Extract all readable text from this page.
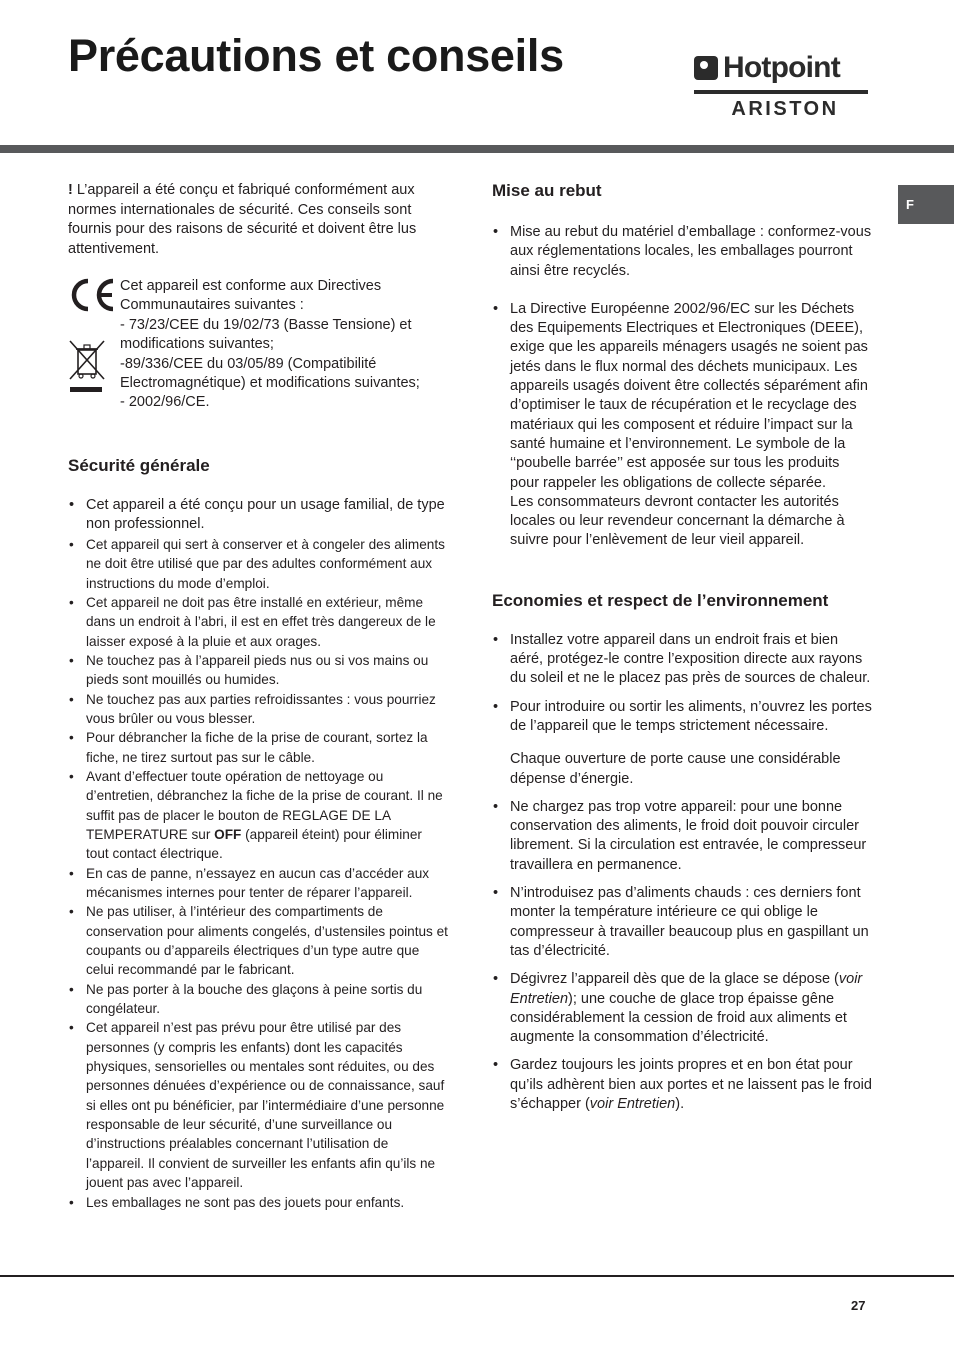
Précautions et conseils	Hotpoint
ARISTON
F

! L’appareil a été conçu et fabriqué conformément aux normes internationales de sécurité. Ces conseils sont fournis pour des raisons de sécurité et doivent être lus attentivement.

Cet appareil est conforme aux Directives
Communautaires suivantes :
- 73/23/CEE du 19/02/73 (Basse Tensione) et
modifications suivantes;
-89/336/CEE du 03/05/89 (Compatibilité
Electromagnétique) et modifications suivantes;
- 2002/96/CE.
Sécurité générale
• Cet appareil a été conçu pour un usage familial, de type non professionnel.
• Cet appareil qui sert à conserver et à congeler des aliments ne doit être utilisé que par des adultes conformément aux instructions du mode d’emploi.
• Cet appareil ne doit pas être installé en extérieur, même dans un endroit à l’abri, il est en effet très dangereux de le laisser exposé à la pluie et aux orages.
• Ne touchez pas à l’appareil pieds nus ou si vos mains ou pieds sont mouillés ou humides.
• Ne touchez pas aux parties refroidissantes : vous pourriez vous brûler ou vous blesser.
• Pour débrancher la fiche de la prise de courant, sortez la fiche, ne tirez surtout pas sur le câble.
• Avant d’effectuer toute opération de nettoyage ou d’entretien, débranchez la fiche de la prise de courant. Il ne suffit pas de placer le bouton de REGLAGE DE LA TEMPERATURE sur OFF (appareil éteint) pour éliminer tout contact électrique.
• En cas de panne, n’essayez en aucun cas d’accéder aux mécanismes internes pour tenter de réparer l’appareil.
• Ne pas utiliser, à l’intérieur des compartiments de conservation pour aliments congelés, d’ustensiles pointus et coupants ou d’appareils électriques d’un type autre que celui recommandé par le fabricant.
• Ne pas porter à la bouche des glaçons à peine sortis du congélateur.
• Cet appareil n’est pas prévu pour être utilisé par des personnes (y compris les enfants) dont les capacités physiques, sensorielles ou mentales sont réduites, ou des personnes dénuées d’expérience ou de connaissance, sauf si elles ont pu bénéficier, par l’intermédiaire d’une personne responsable de leur sécurité, d’une surveillance ou d’instructions préalables concernant l’utilisation de l’appareil. Il convient de surveiller les enfants afin qu’ils ne jouent pas avec l’appareil.
• Les emballages ne sont pas des jouets pour enfants.
Mise au rebut
• Mise au rebut du matériel d’emballage : conformez-vous aux réglementations locales, les emballages pourront ainsi être recyclés.
• La Directive Européenne 2002/96/EC sur les Déchets des Equipements Electriques et Electroniques (DEEE), exige que les appareils ménagers usagés ne soient pas jetés dans le flux normal des déchets municipaux. Les appareils usagés doivent être collectés séparément afin d’optimiser le taux de récupération et le recyclage des matériaux qui les composent et réduire l’impact sur la santé humaine et l’environnement. Le symbole de la ‘‘poubelle barrée’’ est apposée sur tous les produits pour rappeler les obligations de collecte séparée.

Les consommateurs devront contacter les autorités locales ou leur revendeur concernant la démarche à suivre pour l’enlèvement de leur vieil appareil.

Economies et respect de l’environnement
• Installez votre appareil dans un endroit frais et bien aéré, protégez-le contre l’exposition directe aux rayons du soleil et ne le placez pas près de sources de chaleur.
• Pour introduire ou sortir les aliments, n’ouvrez les portes de l’appareil que le temps strictement nécessaire.

Chaque ouverture de porte cause une considérable dépense d’énergie.

• Ne chargez pas trop votre appareil: pour une bonne conservation des aliments, le froid doit pouvoir circuler librement. Si la circulation est entravée, le compresseur travaillera en permanence.
• N’introduisez pas d’aliments chauds : ces derniers font monter la température intérieure ce qui oblige le compresseur à travailler beaucoup plus en gaspillant un tas d’électricité.
• Dégivrez l’appareil dès que de la glace se dépose (voir Entretien); une couche de glace trop épaisse gêne considérablement la cession de froid aux aliments et augmente la consommation d’électricité.
• Gardez toujours les joints propres et en bon état pour qu’ils adhèrent bien aux portes et ne laissent pas le froid s’échapper (voir Entretien).
27
